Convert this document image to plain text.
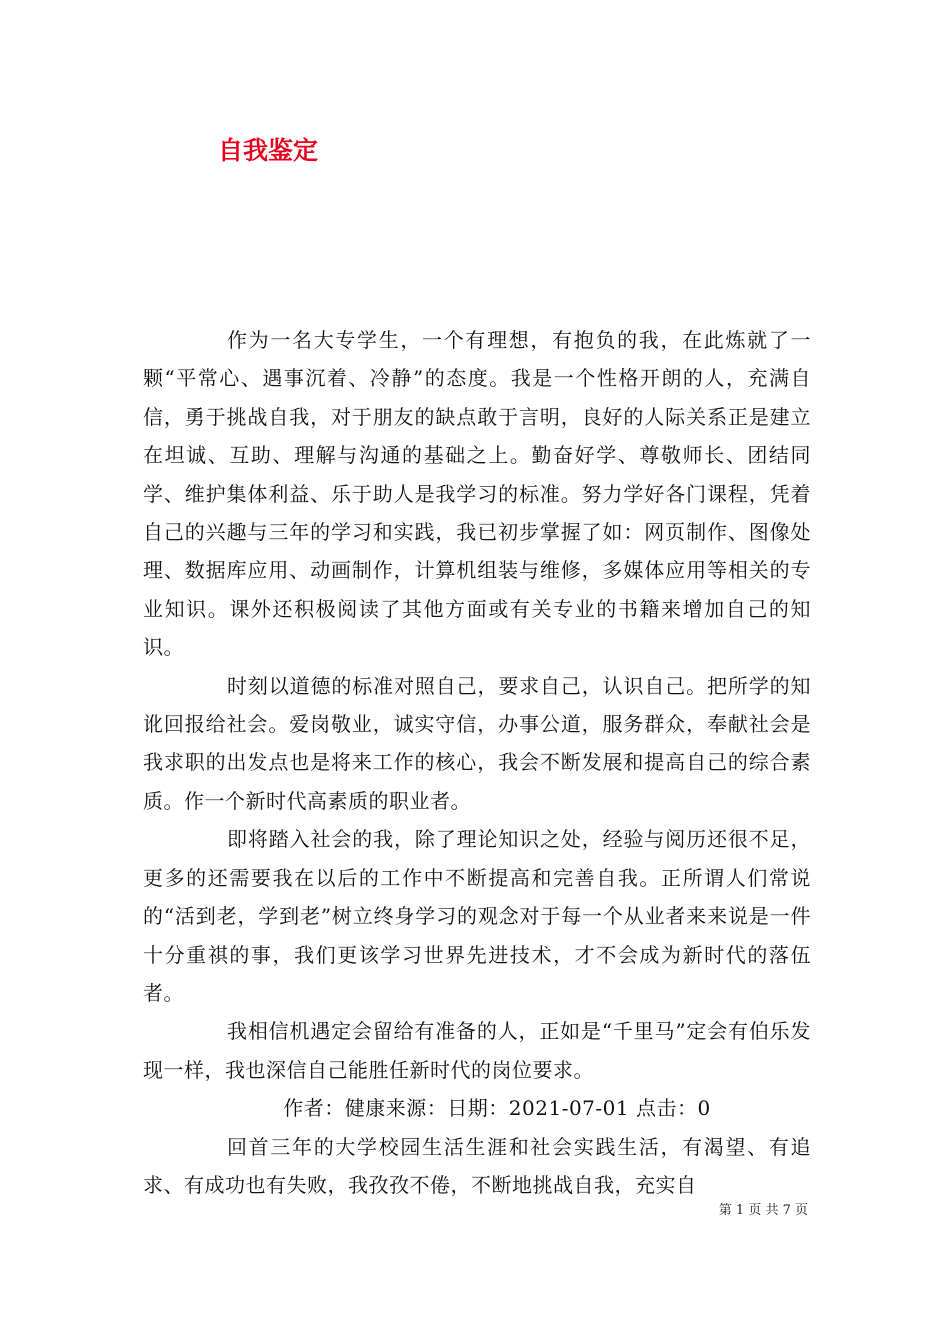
自我鉴定

作为一名大专学生，一个有理想，有抱负的我，在此炼就了一颗“平常心、遇事沉着、冷静”的态度。我是一个性格开朗的人，充满自信，勇于挑战自我，对于朋友的缺点敢于言明，良好的人际关系正是建立在坦诚、互助、理解与沟通的基础之上。勤奋好学、尊敬师长、团结同学、维护集体利益、乐于助人是我学习的标准。努力学好各门课程，凭着自己的兴趣与三年的学习和实践，我已初步掌握了如：网页制作、图像处理、数据库应用、动画制作，计算机组装与维修，多媒体应用等相关的专业知识。课外还积极阅读了其他方面或有关专业的书籍来增加自己的知识。

时刻以道德的标准对照自己，要求自己，认识自己。把所学的知讹回报给社会。爱岗敬业，诚实守信，办事公道，服务群众，奉献社会是我求职的出发点也是将来工作的核心，我会不断发展和提高自己的综合素质。作一个新时代高素质的职业者。

即将踏入社会的我，除了理论知识之处，经验与阅历还很不足，更多的还需要我在以后的工作中不断提高和完善自我。正所谓人们常说的“活到老，学到老”树立终身学习的观念对于每一个从业者来来说是一件十分重祺的事，我们更该学习世界先进技术，才不会成为新时代的落伍者。

我相信机遇定会留给有准备的人，正如是“千里马”定会有伯乐发现一样，我也深信自己能胜任新时代的岗位要求。

作者：健康来源：日期：2021-07-01 点击：0

回首三年的大学校园生活生涯和社会实践生活，有渴望、有追求、有成功也有失败，我孜孜不倦，不断地挑战自我，充实自

第 1 页 共 7 页
